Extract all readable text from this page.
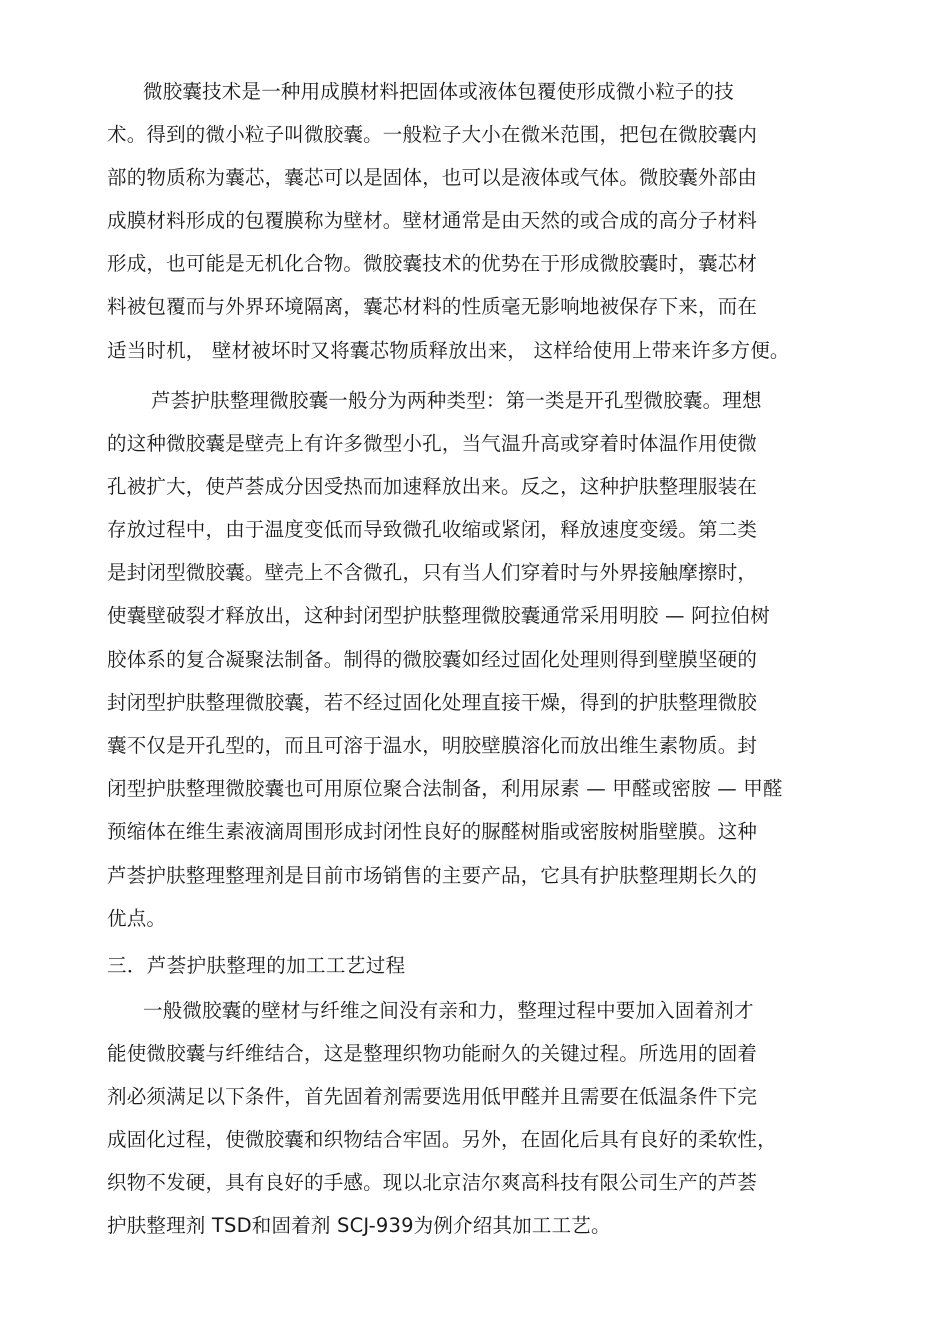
微胶囊技术是一种用成膜材料把固体或液体包覆使形成微小粒子的技
术。得到的微小粒子叫微胶囊。一般粒子大小在微米范围，把包在微胶囊内
部的物质称为囊芯，囊芯可以是固体，也可以是液体或气体。微胶囊外部由
成膜材料形成的包覆膜称为壁材。壁材通常是由天然的或合成的高分子材料
形成，也可能是无机化合物。微胶囊技术的优势在于形成微胶囊时，囊芯材
料被包覆而与外界环境隔离，囊芯材料的性质毫无影响地被保存下来，而在
适当时机， 壁材被坏时又将囊芯物质释放出来， 这样给使用上带来许多方便。
芦荟护肤整理微胶囊一般分为两种类型：第一类是开孔型微胶囊。理想
的这种微胶囊是壁壳上有许多微型小孔，当气温升高或穿着时体温作用使微
孔被扩大，使芦荟成分因受热而加速释放出来。反之，这种护肤整理服装在
存放过程中，由于温度变低而导致微孔收缩或紧闭，释放速度变缓。第二类
是封闭型微胶囊。壁壳上不含微孔，只有当人们穿着时与外界接触摩擦时，
使囊壁破裂才释放出，这种封闭型护肤整理微胶囊通常采用明胶 — 阿拉伯树
胶体系的复合凝聚法制备。制得的微胶囊如经过固化处理则得到壁膜坚硬的
封闭型护肤整理微胶囊，若不经过固化处理直接干燥，得到的护肤整理微胶
囊不仅是开孔型的，而且可溶于温水，明胶壁膜溶化而放出维生素物质。封
闭型护肤整理微胶囊也可用原位聚合法制备，利用尿素 — 甲醛或密胺 — 甲醛
预缩体在维生素液滴周围形成封闭性良好的脲醛树脂或密胺树脂壁膜。这种
芦荟护肤整理整理剂是目前市场销售的主要产品，它具有护肤整理期长久的
优点。
三．芦荟护肤整理的加工工艺过程
一般微胶囊的壁材与纤维之间没有亲和力，整理过程中要加入固着剂才
能使微胶囊与纤维结合，这是整理织物功能耐久的关键过程。所选用的固着
剂必须满足以下条件，首先固着剂需要选用低甲醛并且需要在低温条件下完
成固化过程，使微胶囊和织物结合牢固。另外，在固化后具有良好的柔软性，
织物不发硬，具有良好的手感。现以北京洁尔爽高科技有限公司生产的芦荟
护肤整理剂 TSD和固着剂 SCJ-939为例介绍其加工工艺。
